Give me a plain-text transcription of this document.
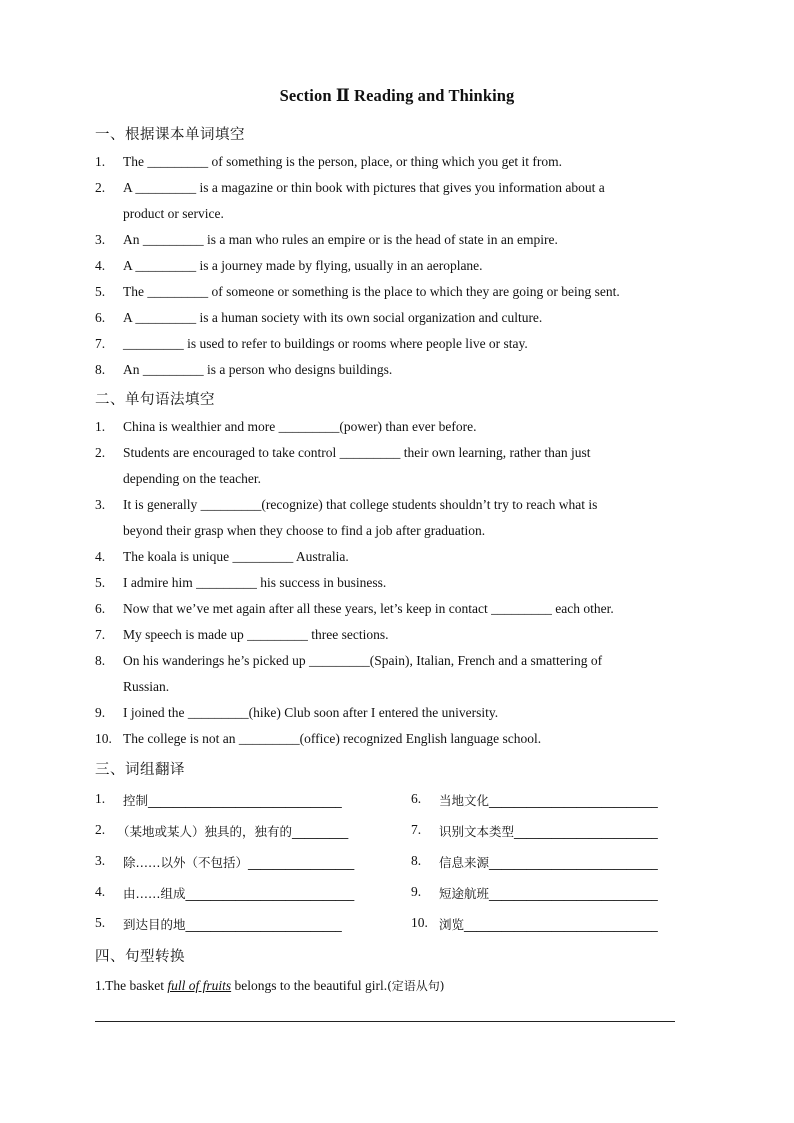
Section Ⅱ Reading and Thinking
一、根据课本单词填空
1. The _________ of something is the person, place, or thing which you get it from.
2. A _________ is a magazine or thin book with pictures that gives you information about a
product or service.
3. An _________ is a man who rules an empire or is the head of state in an empire.
4. A _________ is a journey made by flying, usually in an aeroplane.
5. The _________ of someone or something is the place to which they are going or being sent.
6. A _________ is a human society with its own social organization and culture.
7. _________ is used to refer to buildings or rooms where people live or stay.
8. An _________ is a person who designs buildings.
二、单句语法填空
1. China is wealthier and more _________(power) than ever before.
2. Students are encouraged to take control _________ their own learning, rather than just
depending on the teacher.
3. It is generally _________(recognize) that college students shouldn’t try to reach what is
beyond their grasp when they choose to find a job after graduation.
4. The koala is unique _________ Australia.
5. I admire him _________ his success in business.
6. Now that we’ve met again after all these years, let’s keep in contact _________ each other.
7. My speech is made up _________ three sections.
8. On his wanderings he’s picked up _________(Spain), Italian, French and a smattering of
Russian.
9. I joined the _________(hike) Club soon after I entered the university.
10. The college is not an _________(office) recognized English language school.
三、词组翻译
1. 控制_______________________________	6. 当地文化___________________________
2. （某地或某人）独具的，独有的_________	7. 识别文本类型_______________________
3. 除……以外（不包括）_________________	8. 信息来源___________________________
4. 由……组成___________________________	9. 短途航班___________________________
5. 到达目的地_________________________	10. 浏览_______________________________
四、句型转换
1.The basket full of fruits belongs to the beautiful girl.(定语从句)
